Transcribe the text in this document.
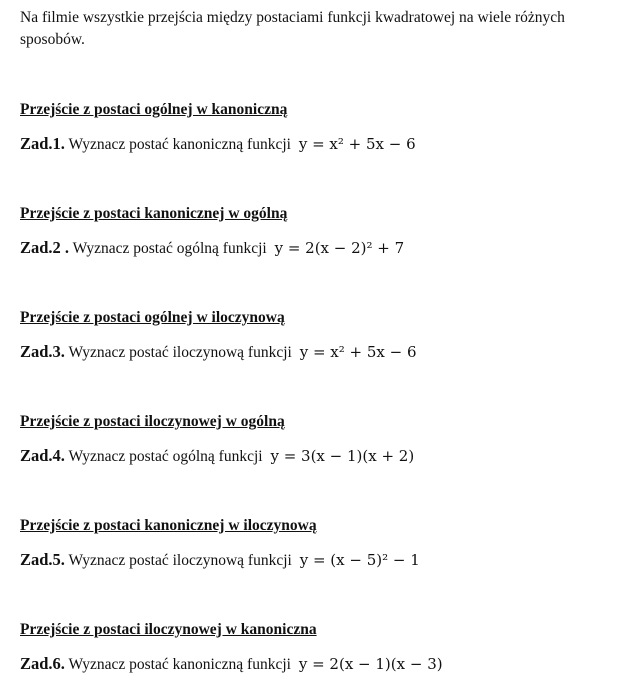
Na filmie wszystkie przejścia między postaciami funkcji kwadratowej na wiele różnych sposobów.
Przejście z postaci ogólnej w kanoniczną
Zad.1. Wyznacz postać kanoniczną funkcji y = x² + 5x − 6
Przejście z postaci kanonicznej w ogólną
Zad.2 . Wyznacz postać ogólną funkcji y = 2(x − 2)² + 7
Przejście z postaci ogólnej w iloczynową
Zad.3. Wyznacz postać iloczynową funkcji y = x² + 5x − 6
Przejście z postaci iloczynowej w ogólną
Zad.4. Wyznacz postać ogólną funkcji y = 3(x − 1)(x + 2)
Przejście z postaci kanonicznej w iloczynową
Zad.5. Wyznacz postać iloczynową funkcji y = (x − 5)² − 1
Przejście z postaci iloczynowej w kanoniczna
Zad.6. Wyznacz postać kanoniczną funkcji y = 2(x − 1)(x − 3)
